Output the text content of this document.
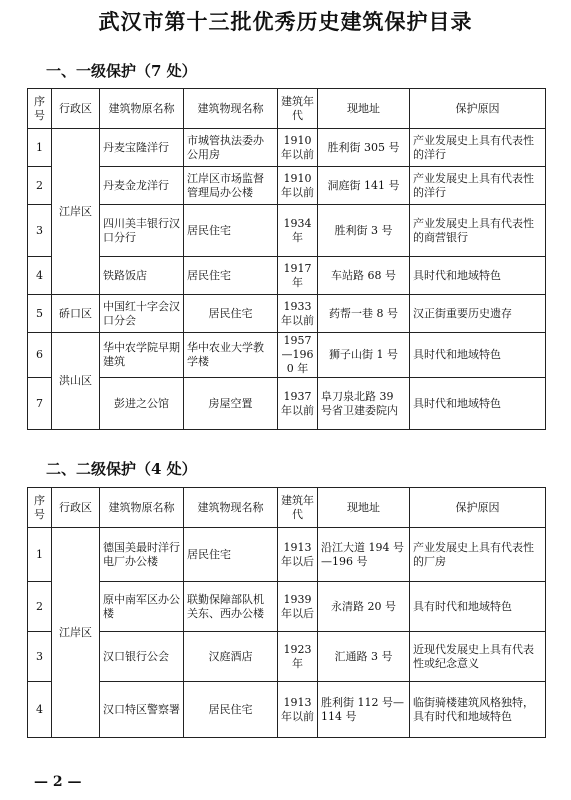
武汉市第十三批优秀历史建筑保护目录
一、一级保护（7 处）
序号	行政区	建筑物原名称	建筑物现名称	建筑年代	现地址	保护原因
1	江岸区	丹麦宝隆洋行	市城管执法委办公用房	1910 年以前	胜利街 305 号	产业发展史上具有代表性的洋行
2		丹麦金龙洋行	江岸区市场监督管理局办公楼	1910 年以前	洞庭街 141 号	产业发展史上具有代表性的洋行
3		四川美丰银行汉口分行	居民住宅	1934 年	胜利街 3 号	产业发展史上具有代表性的商营银行
4		铁路饭店	居民住宅	1917 年	车站路 68 号	具时代和地域特色
5	硚口区	中国红十字会汉口分会	居民住宅	1933 年以前	药帮一巷 8 号	汉正街重要历史遗存
6	洪山区	华中农学院早期建筑	华中农业大学教学楼	1957—1960 年	狮子山街 1 号	具时代和地域特色
7		彭进之公馆	房屋空置	1937 年以前	阜刀泉北路 39 号省卫建委院内	具时代和地域特色
二、二级保护（4 处）
序号	行政区	建筑物原名称	建筑物现名称	建筑年代	现地址	保护原因
1	江岸区	德国美最时洋行电厂办公楼	居民住宅	1913 年以后	沿江大道 194 号—196 号	产业发展史上具有代表性的厂房
2		原中南军区办公楼	联勤保障部队机关东、西办公楼	1939 年以后	永清路 20 号	具有时代和地域特色
3		汉口银行公会	汉庭酒店	1923 年	汇通路 3 号	近现代发展史上具有代表性或纪念意义
4		汉口特区警察署	居民住宅	1913 年以前	胜利街 112 号—114 号	临街骑楼建筑风格独特，具有时代和地域特色
— 2 —
